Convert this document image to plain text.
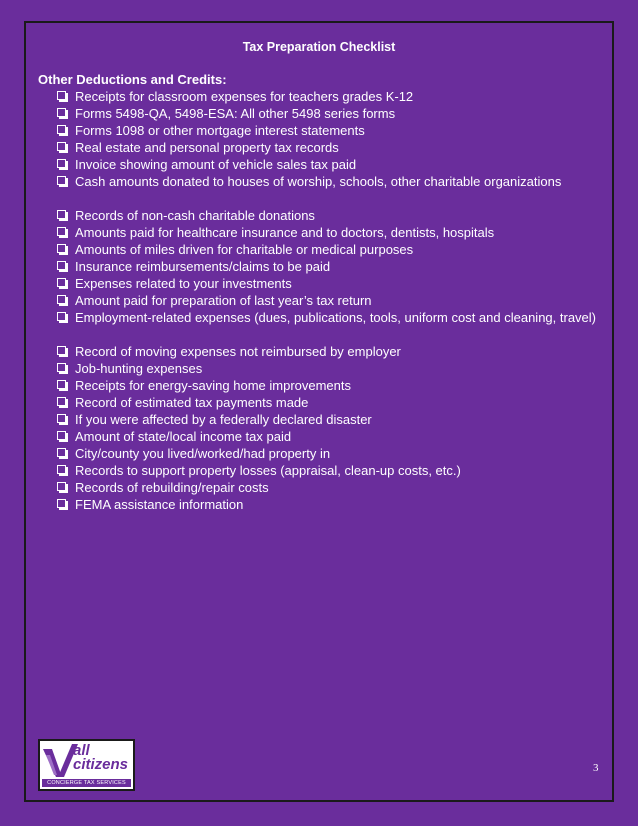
Tax Preparation Checklist
Other Deductions and Credits:
Receipts for classroom expenses for teachers grades K-12
Forms 5498-QA, 5498-ESA: All other 5498 series forms
Forms 1098 or other mortgage interest statements
Real estate and personal property tax records
Invoice showing amount of vehicle sales tax paid
Cash amounts donated to houses of worship, schools, other charitable organizations
Records of non-cash charitable donations
Amounts paid for healthcare insurance and to doctors, dentists, hospitals
Amounts of miles driven for charitable or medical purposes
Insurance reimbursements/claims to be paid
Expenses related to your investments
Amount paid for preparation of last year’s tax return
Employment-related expenses (dues, publications, tools, uniform cost and cleaning, travel)
Record of moving expenses not reimbursed by employer
Job-hunting expenses
Receipts for energy-saving home improvements
Record of estimated tax payments made
If you were affected by a federally declared disaster
Amount of state/local income tax paid
City/county you lived/worked/had property in
Records to support property losses (appraisal, clean-up costs, etc.)
Records of rebuilding/repair costs
FEMA assistance information
all
citizens
CONCIERGE TAX SERVICES
3
